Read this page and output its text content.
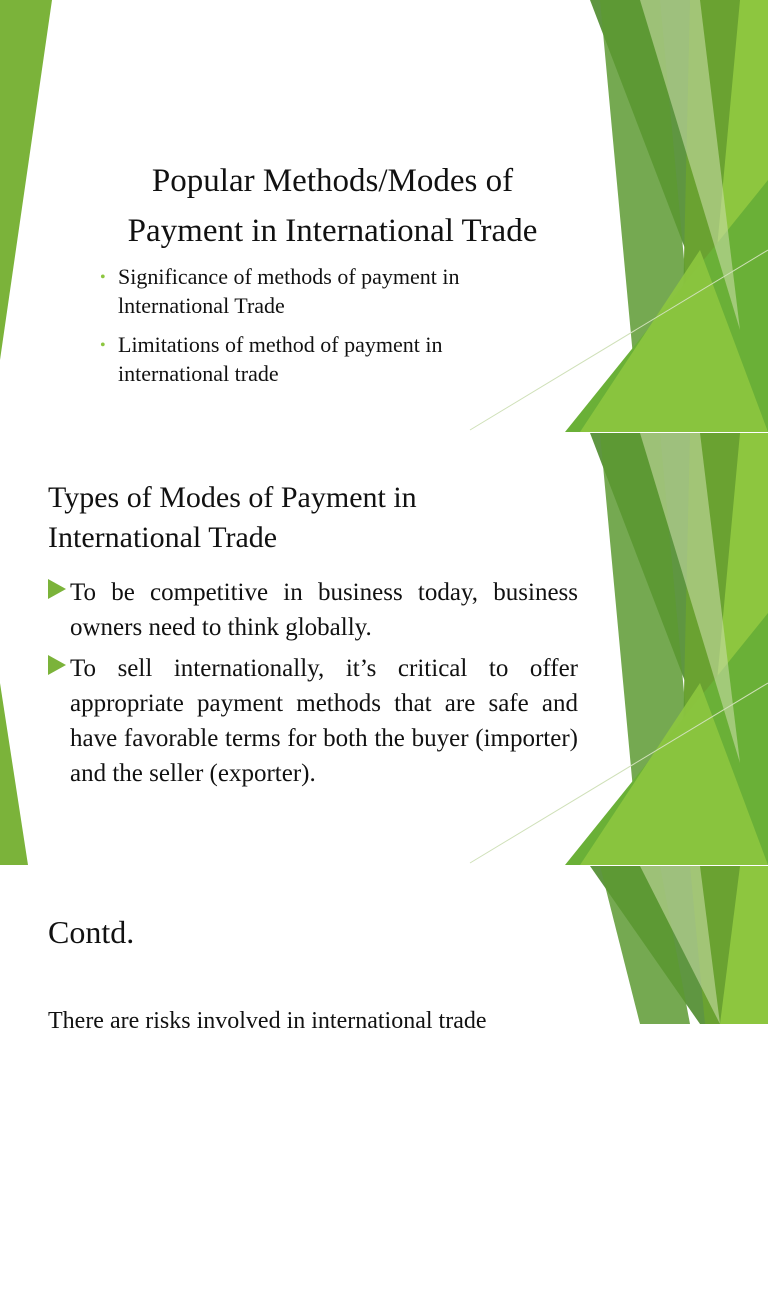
Popular Methods/Modes of
Payment in International Trade
• Significance of methods of payment in lnternational Trade
• Limitations of method of payment in international trade
Types of Modes of Payment in
International Trade
To be competitive in business today, business owners need to think globally.
To sell internationally, it’s critical to offer appropriate payment methods that are safe and have favorable terms for both the buyer (importer) and the seller (exporter).
Contd.
There are risks involved in international trade
